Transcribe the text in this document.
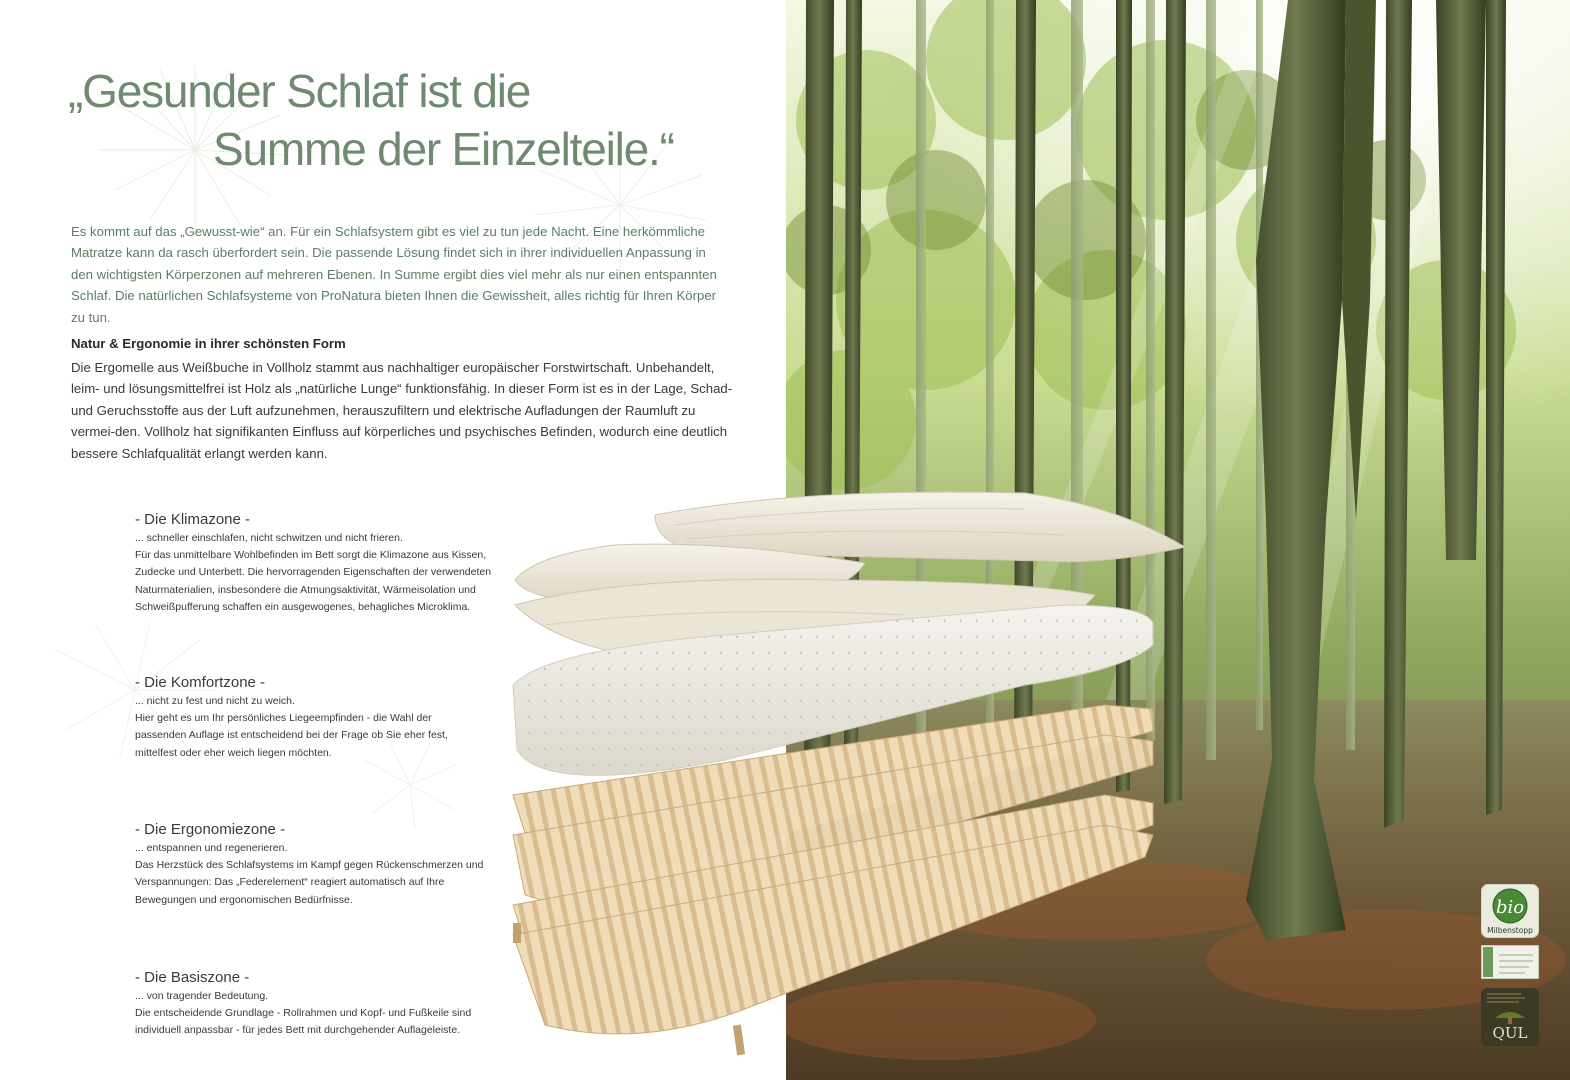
„Gesunder Schlaf ist die

Summe der Einzelteile.“

Es kommt auf das „Gewusst-wie“ an. Für ein Schlafsystem gibt es viel zu tun jede Nacht. Eine herkömmliche Matratze kann da rasch überfordert sein. Die passende Lösung findet sich in ihrer individuellen Anpassung in den wichtigsten Körperzonen auf mehreren Ebenen. In Summe ergibt dies viel mehr als nur einen entspannten Schlaf. Die natürlichen Schlafsysteme von ProNatura bieten Ihnen die Gewissheit, alles richtig für Ihren Körper zu tun.

Natur & Ergonomie in ihrer schönsten Form

Die Ergomelle aus Weißbuche in Vollholz stammt aus nachhaltiger europäischer Forstwirtschaft. Unbehandelt, leim- und lösungsmittelfrei ist Holz als „natürliche Lunge“ funktionsfähig. In dieser Form ist es in der Lage, Schad- und Geruchsstoffe aus der Luft aufzunehmen, herauszufiltern und elektrische Aufladungen der Raumluft zu vermei-den. Vollholz hat signifikanten Einfluss auf körperliches und psychisches Befinden, wodurch eine deutlich bessere Schlafqualität erlangt werden kann.

- Die Klimazone -
... schneller einschlafen, nicht schwitzen und nicht frieren.
Für das unmittelbare Wohlbefinden im Bett sorgt die Klimazone aus Kissen, Zudecke und Unterbett. Die hervorragenden Eigenschaften der verwendeten Naturmaterialien, insbesondere die Atmungsaktivität, Wärmeisolation und Schweißpufferung schaffen ein ausgewogenes, behagliches Microklima.
- Die Komfortzone -
... nicht zu fest und nicht zu weich.
Hier geht es um Ihr persönliches Liegeempfinden - die Wahl der passenden Auflage ist entscheidend bei der Frage ob Sie eher fest, mittelfest oder eher weich liegen möchten.
- Die Ergonomiezone -
... entspannen und regenerieren.
Das Herzstück des Schlafsystems im Kampf gegen Rückenschmerzen und Verspannungen: Das „Federelement“ reagiert automatisch auf Ihre Bewegungen und ergonomischen Bedürfnisse.
- Die Basiszone -
... von tragender Bedeutung.
Die entscheidende Grundlage - Rollrahmen und Kopf- und Fußkeile sind individuell anpassbar - für jedes Bett mit durchgehender Auflageleiste.
bio
Milbenstopp
QUL
